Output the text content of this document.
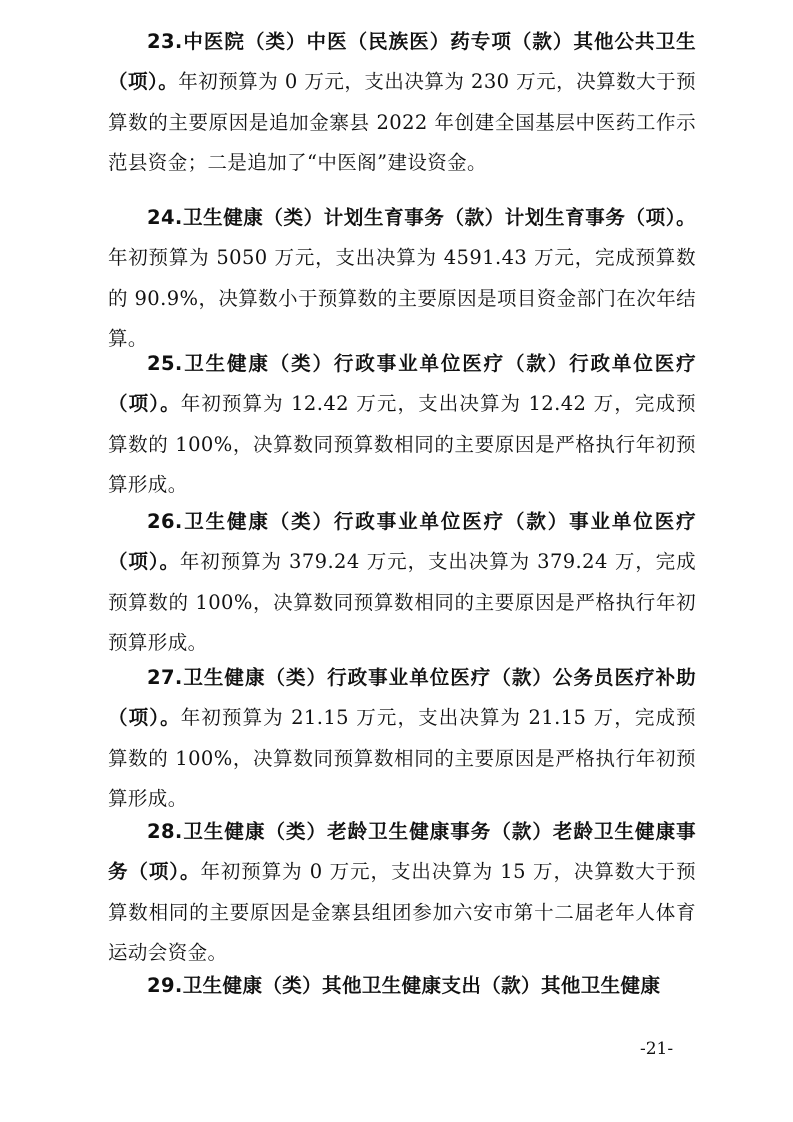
23.中医院（类）中医（民族医）药专项（款）其他公共卫生（项）。年初预算为 0 万元，支出决算为 230 万元，决算数大于预算数的主要原因是追加金寨县 2022 年创建全国基层中医药工作示范县资金；二是追加了“中医阁”建设资金。

24.卫生健康（类）计划生育事务（款）计划生育事务（项）。年初预算为 5050 万元，支出决算为 4591.43 万元，完成预算数的 90.9%，决算数小于预算数的主要原因是项目资金部门在次年结算。

25.卫生健康（类）行政事业单位医疗（款）行政单位医疗（项）。年初预算为 12.42 万元，支出决算为 12.42 万，完成预算数的 100%，决算数同预算数相同的主要原因是严格执行年初预算形成。

26.卫生健康（类）行政事业单位医疗（款）事业单位医疗（项）。年初预算为 379.24 万元，支出决算为 379.24 万，完成预算数的 100%，决算数同预算数相同的主要原因是严格执行年初预算形成。

27.卫生健康（类）行政事业单位医疗（款）公务员医疗补助（项）。年初预算为 21.15 万元，支出决算为 21.15 万，完成预算数的 100%，决算数同预算数相同的主要原因是严格执行年初预算形成。

28.卫生健康（类）老龄卫生健康事务（款）老龄卫生健康事务（项）。年初预算为 0 万元，支出决算为 15 万，决算数大于预算数相同的主要原因是金寨县组团参加六安市第十二届老年人体育运动会资金。

29.卫生健康（类）其他卫生健康支出（款）其他卫生健康

-21-
